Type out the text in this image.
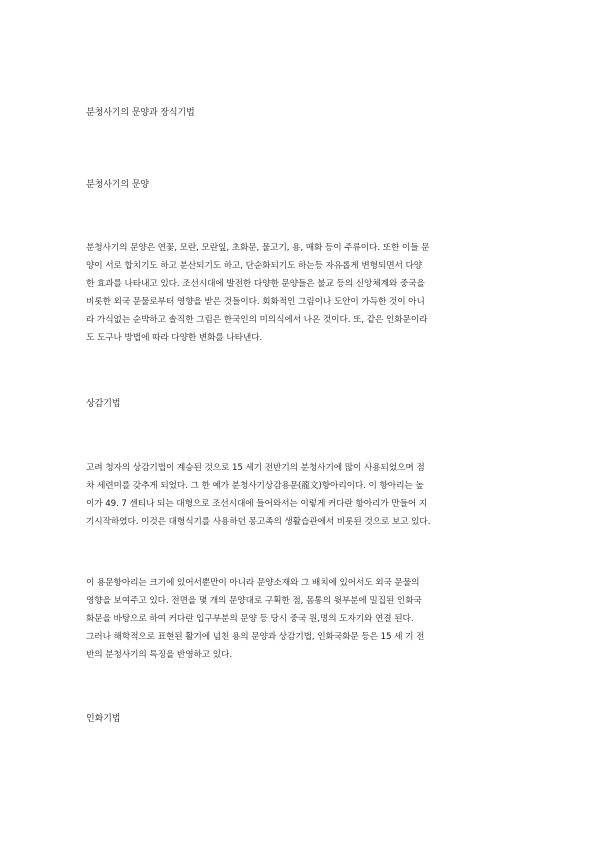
분청사기의 문양과 장식기법
분청사기의 문양
분청사기의 문양은 연꽃, 모란, 모란잎, 초화문, 물고기, 용, 매화 등이 주류이다. 또한 이들 문
양이 서로 합치기도 하고 분산되기도 하고, 단순화되기도 하는등 자유롭게 변형되면서 다양
한 효과를 나타내고 있다. 조선시대에 발전한 다양한 문양들은 불교 등의 신앙체계와 중국을
비롯한 외국 문물로부터 영향을 받은 것들이다. 회화적인 그림이나 도안이 가득한 것이 아니
라 가식없는 순박하고 솔직한 그림은 한국인의 미의식에서 나온 것이다. 또, 같은 인화문이라
도 도구나 방법에 따라 다양한 변화를 나타낸다.
상감기법
고려 청자의 상감기법이 계승된 것으로 15 세기 전반기의 분청사기에 많이 사용되었으며 점
차 세련미를 갖추게 되었다. 그 한 예가 분청사기상감용문(龍文)항아리이다. 이 항아리는 높
이가 49. 7 센티나 되는 대형으로 조선시대에 들어와서는 이렇게 커다란 항아리가 만들어 지
기시작하였다. 이것은 대형식기를 사용하던 몽고족의 생활습관에서 비롯된 것으로 보고 있다.
이 용문항아리는 크기에 있어서뿐만이 아니라 문양소재와 그 배치에 있어서도 외국 문물의
영향을 보여주고 있다. 전면을 몇 개의 문양대로 구획한 점, 몸통의 윗부분에 밀집된 인화국
화문을 바탕으로 하여 커다란 입구부분의 문양 등 당시 중국 원,명의 도자기와 연결 된다.
그러나 해학적으로 표현된 활기에 넘친 용의 문양과 상감기법, 인화국화문 등은 15 세 기 전
반의 분청사기의 특징을 반영하고 있다.
인화기법
